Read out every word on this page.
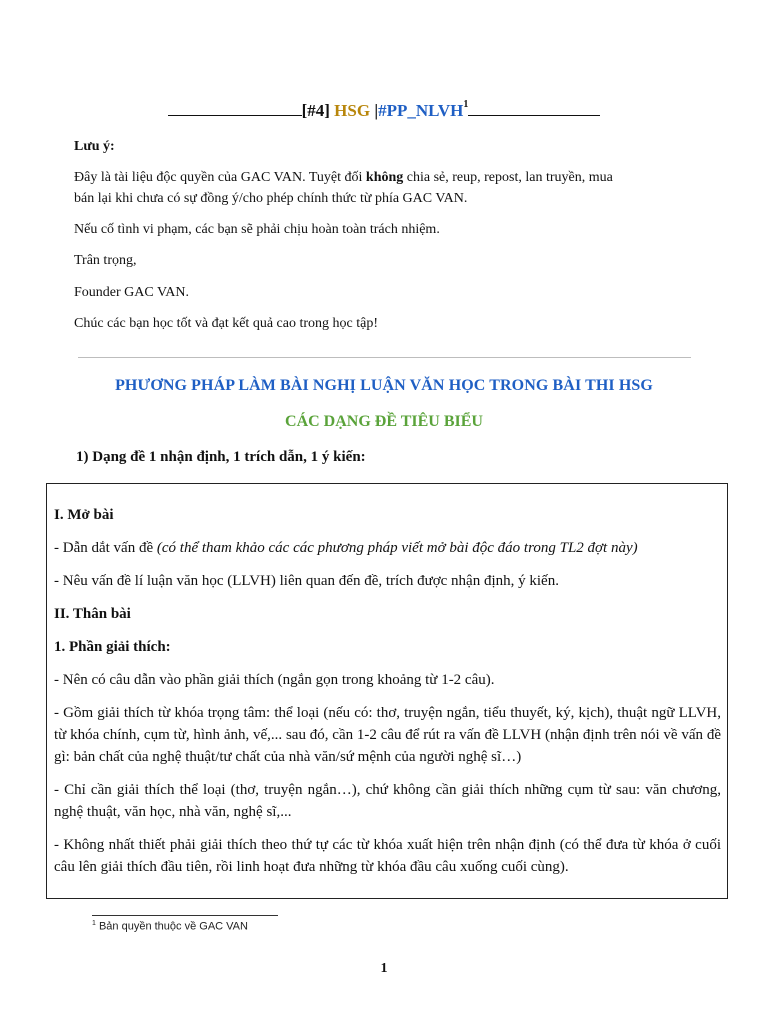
[#4] HSG |#PP_NLVH$^1$

Lưu ý:

Đây là tài liệu độc quyền của GAC VAN. Tuyệt đối không chia sẻ, reup, repost, lan truyền, mua

bán lại khi chưa có sự đồng ý/cho phép chính thức từ phía GAC VAN.

Nếu cố tình vi phạm, các bạn sẽ phải chịu hoàn toàn trách nhiệm.

Trân trọng,

Founder GAC VAN.

Chúc các bạn học tốt và đạt kết quả cao trong học tập!

PHƯƠNG PHÁP LÀM BÀI NGHỊ LUẬN VĂN HỌC TRONG BÀI THI HSG
CÁC DẠNG ĐỀ TIÊU BIỂU
1) Dạng đề 1 nhận định, 1 trích dẫn, 1 ý kiến:

I. Mở bài

- Dẫn dắt vấn đề (có thể tham khảo các các phương pháp viết mở bài độc đáo trong TL2 đợt này)

- Nêu vấn đề lí luận văn học (LLVH) liên quan đến đề, trích được nhận định, ý kiến.

II. Thân bài

1. Phần giải thích:

- Nên có câu dẫn vào phần giải thích (ngắn gọn trong khoảng từ 1-2 câu).

- Gồm giải thích từ khóa trọng tâm: thể loại (nếu có: thơ, truyện ngắn, tiểu thuyết, ký, kịch), thuật ngữ LLVH, từ khóa chính, cụm từ, hình ảnh, vế,... sau đó, cần 1-2 câu để rút ra vấn đề LLVH (nhận định trên nói về vấn đề gì: bản chất của nghệ thuật/tư chất của nhà văn/sứ mệnh của người nghệ sĩ…)

- Chỉ cần giải thích thể loại (thơ, truyện ngắn…), chứ không cần giải thích những cụm từ sau: văn chương, nghệ thuật, văn học, nhà văn, nghệ sĩ,...

- Không nhất thiết phải giải thích theo thứ tự các từ khóa xuất hiện trên nhận định (có thể đưa từ khóa ở cuối câu lên giải thích đầu tiên, rồi linh hoạt đưa những từ khóa đầu câu xuống cuối cùng).

$^1$ Bản quyền thuộc về GAC VAN
1
